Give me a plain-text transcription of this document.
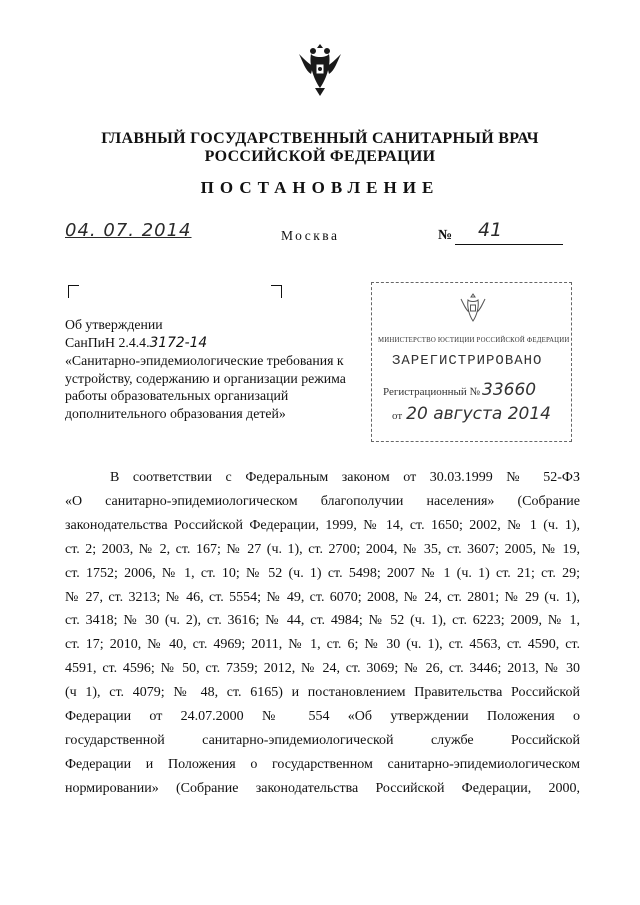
ГЛАВНЫЙ ГОСУДАРСТВЕННЫЙ САНИТАРНЫЙ ВРАЧ
РОССИЙСКОЙ ФЕДЕРАЦИИ
ПОСТАНОВЛЕНИЕ
04. 07. 2014	Москва	№ 41
Об утверждении
СанПиН 2.4.4.3172-14
«Санитарно-эпидемиологические требования к
устройству, содержанию и организации режима
работы образовательных организаций
дополнительного образования детей»
МИНИСТЕРСТВО ЮСТИЦИИ РОССИЙСКОЙ ФЕДЕРАЦИИ
ЗАРЕГИСТРИРОВАНО
Регистрационный № 33660
от 20 августа 2014
В соответствии с Федеральным законом от 30.03.1999 № 52-ФЗ
«О санитарно-эпидемиологическом благополучии населения» (Собрание
законодательства Российской Федерации, 1999, № 14, ст. 1650; 2002, № 1 (ч. 1),
ст. 2; 2003, № 2, ст. 167; № 27 (ч. 1), ст. 2700; 2004, № 35, ст. 3607; 2005, № 19,
ст. 1752; 2006, № 1, ст. 10; № 52 (ч. 1) ст. 5498; 2007 № 1 (ч. 1) ст. 21; ст. 29;
№ 27, ст. 3213; № 46, ст. 5554; № 49, ст. 6070; 2008, № 24, ст. 2801; № 29 (ч. 1),
ст. 3418; № 30 (ч. 2), ст. 3616; № 44, ст. 4984; № 52 (ч. 1), ст. 6223; 2009, № 1,
ст. 17; 2010, № 40, ст. 4969; 2011, № 1, ст. 6; № 30 (ч. 1), ст. 4563, ст. 4590, ст.
4591, ст. 4596; № 50, ст. 7359; 2012, № 24, ст. 3069; № 26, ст. 3446; 2013, № 30
(ч 1), ст. 4079; № 48, ст. 6165) и постановлением Правительства Российской
Федерации от 24.07.2000 № 554 «Об утверждении Положения о
государственной санитарно-эпидемиологической службе Российской
Федерации и Положения о государственном санитарно-эпидемиологическом
нормировании» (Собрание законодательства Российской Федерации, 2000,
